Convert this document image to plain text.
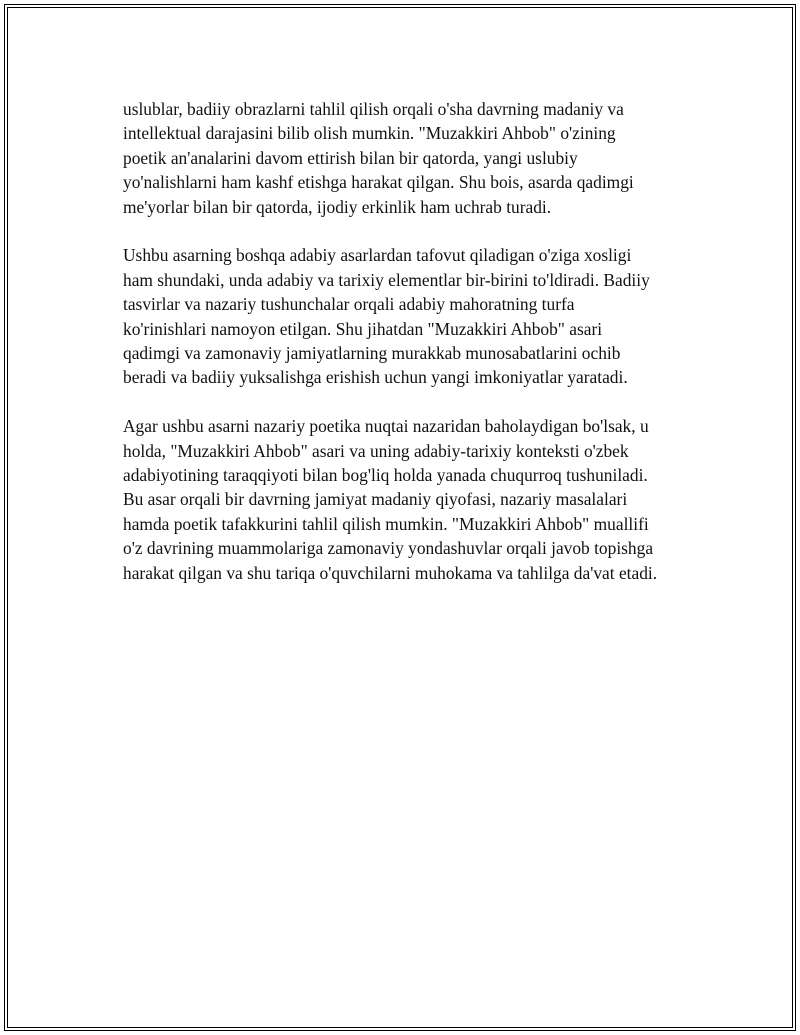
uslublar, badiiy obrazlarni tahlil qilish orqali o'sha davrning madaniy va
intellektual darajasini bilib olish mumkin. "Muzakkiri Ahbob" o'zining
poetik an'analarini davom ettirish bilan bir qatorda, yangi uslubiy
yo'nalishlarni ham kashf etishga harakat qilgan. Shu bois, asarda qadimgi
me'yorlar bilan bir qatorda, ijodiy erkinlik ham uchrab turadi.

Ushbu asarning boshqa adabiy asarlardan tafovut qiladigan o'ziga xosligi
ham shundaki, unda adabiy va tarixiy elementlar bir-birini to'ldiradi. Badiiy
tasvirlar va nazariy tushunchalar orqali adabiy mahoratning turfa
ko'rinishlari namoyon etilgan. Shu jihatdan "Muzakkiri Ahbob" asari
qadimgi va zamonaviy jamiyatlarning murakkab munosabatlarini ochib
beradi va badiiy yuksalishga erishish uchun yangi imkoniyatlar yaratadi.

Agar ushbu asarni nazariy poetika nuqtai nazaridan baholaydigan bo'lsak, u
holda, "Muzakkiri Ahbob" asari va uning adabiy-tarixiy konteksti o'zbek
adabiyotining taraqqiyoti bilan bog'liq holda yanada chuqurroq tushuniladi.
Bu asar orqali bir davrning jamiyat madaniy qiyofasi, nazariy masalalari
hamda poetik tafakkurini tahlil qilish mumkin. "Muzakkiri Ahbob" muallifi
o'z davrining muammolariga zamonaviy yondashuvlar orqali javob topishga
harakat qilgan va shu tariqa o'quvchilarni muhokama va tahlilga da'vat etadi.
